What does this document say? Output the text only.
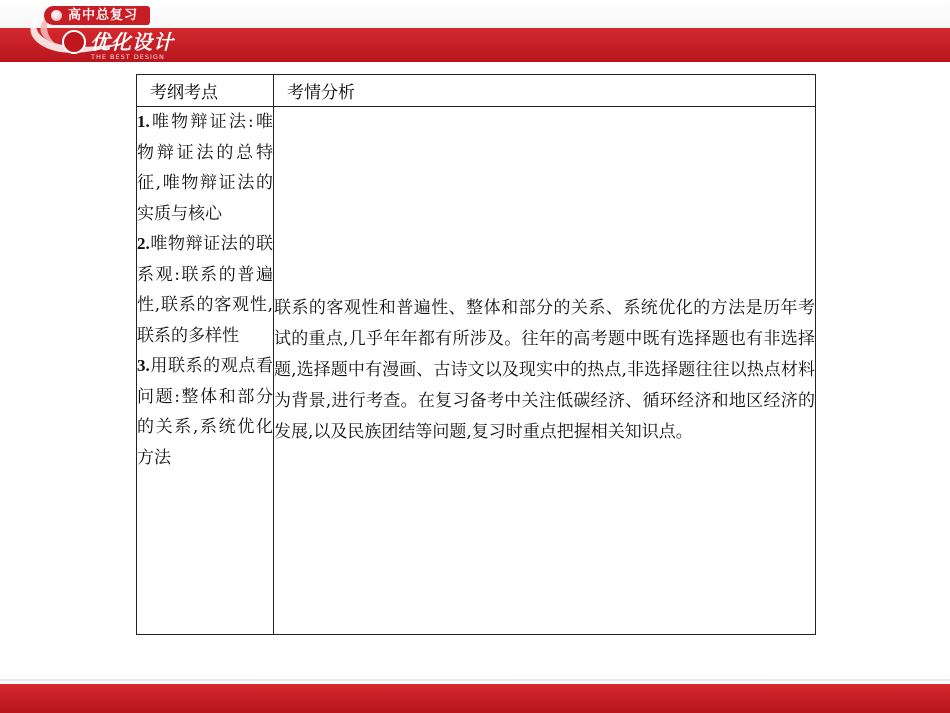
高中总复习
优化设计
THE BEST DESIGN
考纲考点	考情分析

1.唯物辩证法:唯物辩证法的总特征,唯物辩证法的实质与核心
2.唯物辩证法的联系观:联系的普遍性,联系的客观性,联系的多样性
3.用联系的观点看问题:整体和部分的关系,系统优化方法	联系的客观性和普遍性、整体和部分的关系、系统优化的方法是历年考试的重点,几乎年年都有所涉及。往年的高考题中既有选择题也有非选择题,选择题中有漫画、古诗文以及现实中的热点,非选择题往往以热点材料为背景,进行考查。在复习备考中关注低碳经济、循环经济和地区经济的发展,以及民族团结等问题,复习时重点把握相关知识点。
